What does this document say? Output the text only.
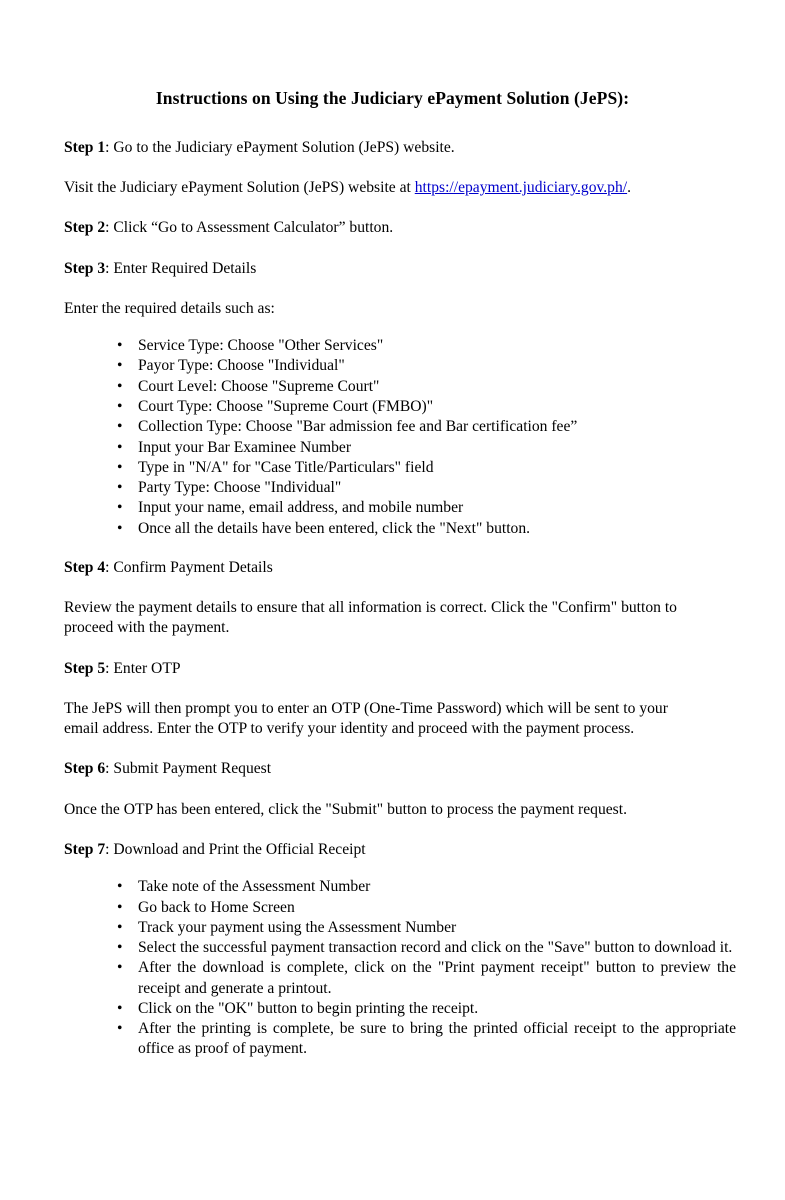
Instructions on Using the Judiciary ePayment Solution (JePS):

Step 1: Go to the Judiciary ePayment Solution (JePS) website.

Visit the Judiciary ePayment Solution (JePS) website at https://epayment.judiciary.gov.ph/.

Step 2: Click “Go to Assessment Calculator” button.

Step 3: Enter Required Details

Enter the required details such as:

• Service Type: Choose "Other Services"
• Payor Type: Choose "Individual"
• Court Level: Choose "Supreme Court"
• Court Type: Choose "Supreme Court (FMBO)"
• Collection Type: Choose "Bar admission fee and Bar certification fee”
• Input your Bar Examinee Number
• Type in "N/A" for "Case Title/Particulars" field
• Party Type: Choose "Individual"
• Input your name, email address, and mobile number
• Once all the details have been entered, click the "Next" button.

Step 4: Confirm Payment Details

Review the payment details to ensure that all information is correct. Click the "Confirm" button to proceed with the payment.

Step 5: Enter OTP

The JePS will then prompt you to enter an OTP (One-Time Password) which will be sent to your email address. Enter the OTP to verify your identity and proceed with the payment process.

Step 6: Submit Payment Request

Once the OTP has been entered, click the "Submit" button to process the payment request.

Step 7: Download and Print the Official Receipt

• Take note of the Assessment Number
• Go back to Home Screen
• Track your payment using the Assessment Number
• Select the successful payment transaction record and click on the "Save" button to download it.
• After the download is complete, click on the "Print payment receipt" button to preview the receipt and generate a printout.
• Click on the "OK" button to begin printing the receipt.
• After the printing is complete, be sure to bring the printed official receipt to the appropriate office as proof of payment.
